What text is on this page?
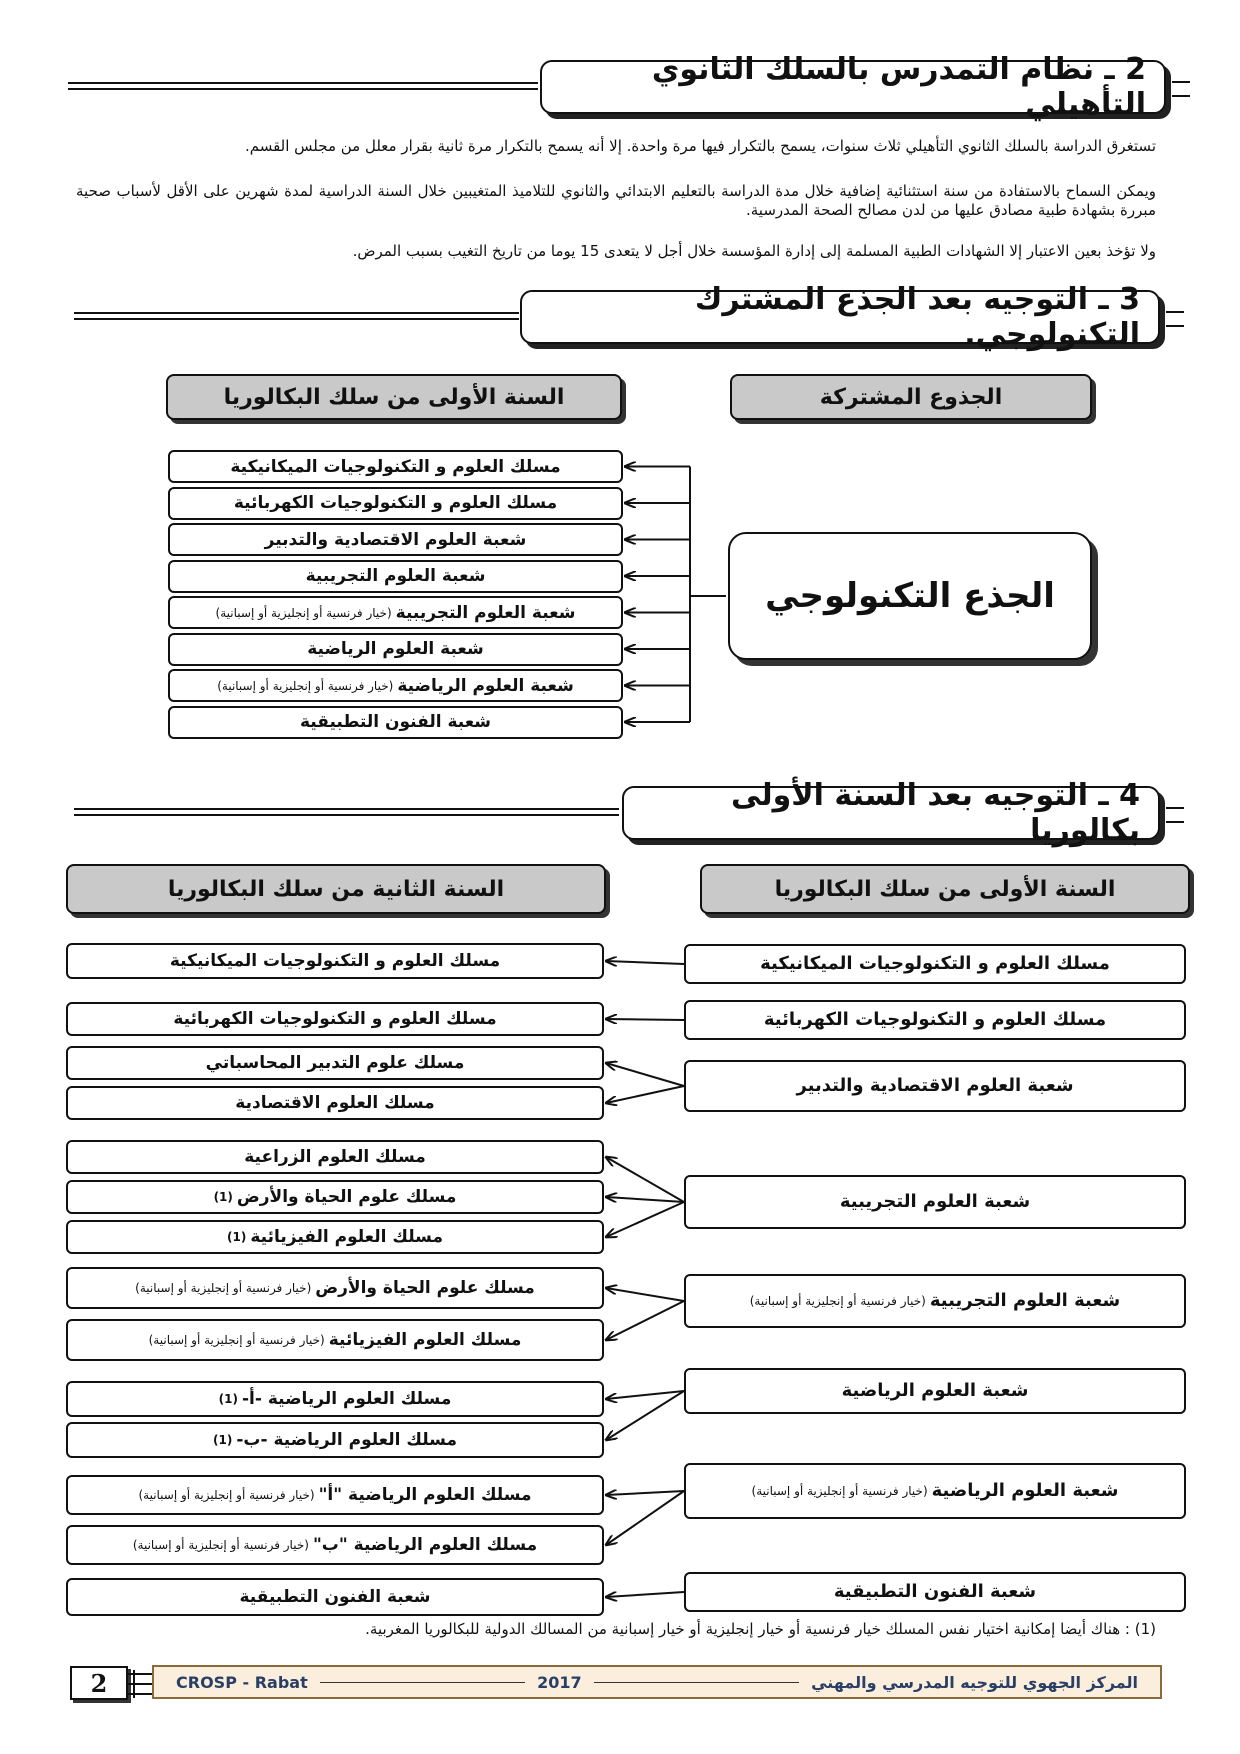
2 ـ نظام التمدرس بالسلك الثانوي التأهيلي
تستغرق الدراسة بالسلك الثانوي التأهيلي ثلاث سنوات، يسمح بالتكرار فيها مرة واحدة. إلا أنه يسمح بالتكرار مرة ثانية بقرار معلل من مجلس القسم.
ويمكن السماح بالاستفادة من سنة استثنائية إضافية خلال مدة الدراسة بالتعليم الابتدائي والثانوي للتلاميذ المتغيبين خلال السنة الدراسية لمدة شهرين على الأقل لأسباب صحية مبررة بشهادة طبية مصادق عليها من لدن مصالح الصحة المدرسية.
ولا تؤخذ بعين الاعتبار إلا الشهادات الطبية المسلمة إلى إدارة المؤسسة خلال أجل لا يتعدى 15 يوما من تاريخ التغيب بسبب المرض.
3 ـ التوجيه بعد الجذع المشترك التكنولوجي.
السنة الأولى من سلك البكالوريا	الجذوع المشتركة
مسلك العلوم و التكنولوجيات الميكانيكية
مسلك العلوم و التكنولوجيات الكهربائية
شعبة العلوم الاقتصادية والتدبير
شعبة العلوم التجريبية
شعبة العلوم التجريبية
(خيار فرنسية أو إنجليزية أو إسبانية)
شعبة العلوم الرياضية
شعبة العلوم الرياضية
(خيار فرنسية أو إنجليزية أو إسبانية)
شعبة الفنون التطبيقية
الجذع التكنولوجي
4 ـ التوجيه بعد السنة الأولى بكالوريا
السنة الثانية من سلك البكالوريا	السنة الأولى من سلك البكالوريا
مسلك العلوم و التكنولوجيات الميكانيكية
مسلك العلوم و التكنولوجيات الكهربائية
شعبة العلوم الاقتصادية والتدبير
شعبة العلوم التجريبية
شعبة العلوم التجريبية
(خيار فرنسية أو إنجليزية أو إسبانية)
شعبة العلوم الرياضية
شعبة العلوم الرياضية
(خيار فرنسية أو إنجليزية أو إسبانية)
شعبة الفنون التطبيقية
مسلك العلوم و التكنولوجيات الميكانيكية
مسلك العلوم و التكنولوجيات الكهربائية
مسلك علوم التدبير المحاسباتي
مسلك العلوم الاقتصادية
مسلك العلوم الزراعية
مسلك علوم الحياة والأرض
(1)
مسلك العلوم الفيزيائية
(1)
مسلك علوم الحياة والأرض
(خيار فرنسية أو إنجليزية أو إسبانية)
مسلك العلوم الفيزيائية
(خيار فرنسية أو إنجليزية أو إسبانية)
مسلك العلوم الرياضية -أ-
(1)
مسلك العلوم الرياضية -ب-
(1)
مسلك العلوم الرياضية "أ"
(خيار فرنسية أو إنجليزية أو إسبانية)
مسلك العلوم الرياضية "ب"
(خيار فرنسية أو إنجليزية أو إسبانية)
شعبة الفنون التطبيقية
(1) : هناك أيضا إمكانية اختيار نفس المسلك خيار فرنسية أو خيار إنجليزية أو خيار إسبانية من المسالك الدولية للبكالوريا المغربية.
2	CROSP - Rabat	2017	المركز الجهوي للتوجيه المدرسي والمهني
